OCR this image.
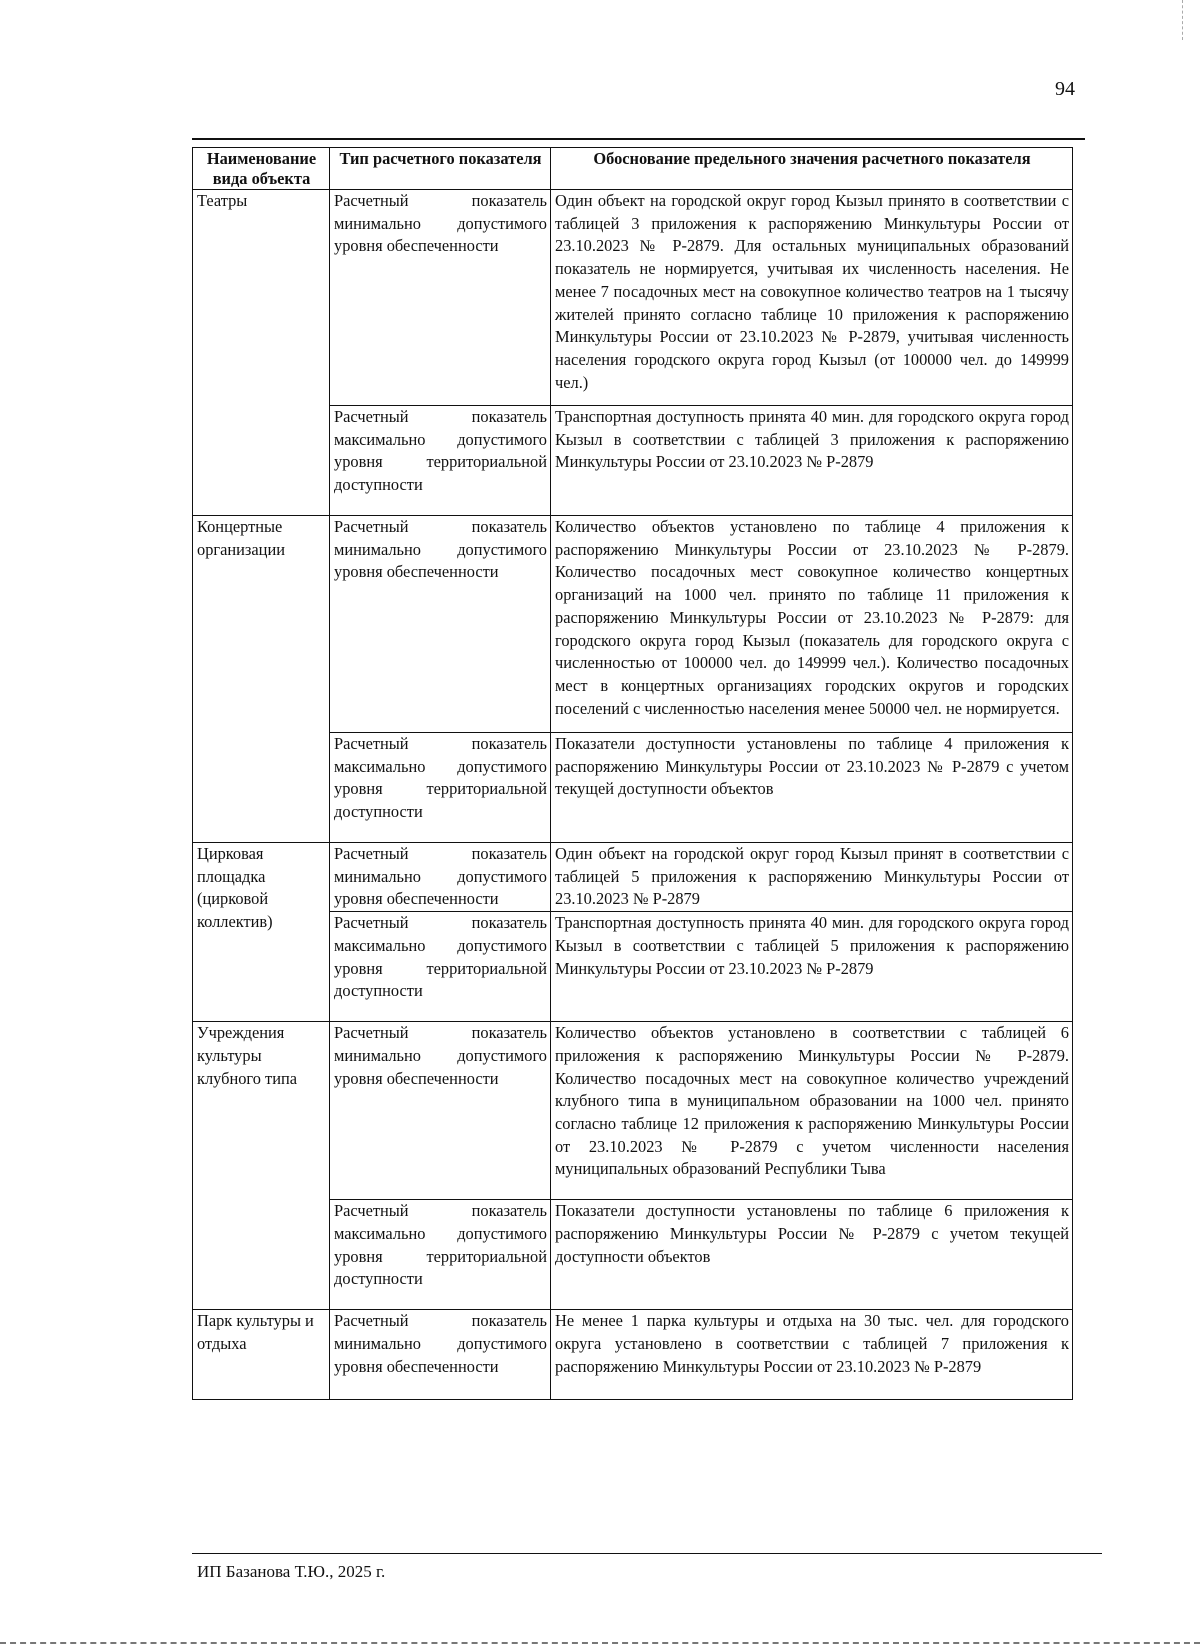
94
Наименование вида объекта	Тип расчетного показателя	Обоснование предельного значения расчетного показателя
Театры	Расчетный показатель минимально допустимого уровня обеспеченности	Один объект на городской округ город Кызыл принято в соответствии с таблицей 3 приложения к распоряжению Минкультуры России от 23.10.2023 № Р-2879. Для остальных муниципальных образований показатель не нормируется, учитывая их численность населения. Не менее 7 посадочных мест на совокупное количество театров на 1 тысячу жителей принято согласно таблице 10 приложения к распоряжению Минкультуры России от 23.10.2023 № Р-2879, учитывая численность населения городского округа город Кызыл (от 100000 чел. до 149999 чел.)
	Расчетный показатель максимально допустимого уровня территориальной доступности	Транспортная доступность принята 40 мин. для городского округа город Кызыл в соответствии с таблицей 3 приложения к распоряжению Минкультуры России от 23.10.2023 № Р-2879
Концертные организации	Расчетный показатель минимально допустимого уровня обеспеченности	Количество объектов установлено по таблице 4 приложения к распоряжению Минкультуры России от 23.10.2023 № Р-2879. Количество посадочных мест совокупное количество концертных организаций на 1000 чел. принято по таблице 11 приложения к распоряжению Минкультуры России от 23.10.2023 № Р-2879: для городского округа город Кызыл (показатель для городского округа с численностью от 100000 чел. до 149999 чел.). Количество посадочных мест в концертных организациях городских округов и городских поселений с численностью населения менее 50000 чел. не нормируется.
	Расчетный показатель максимально допустимого уровня территориальной доступности	Показатели доступности установлены по таблице 4 приложения к распоряжению Минкультуры России от 23.10.2023 № Р-2879 с учетом текущей доступности объектов
Цирковая площадка (цирковой коллектив)	Расчетный показатель минимально допустимого уровня обеспеченности	Один объект на городской округ город Кызыл принят в соответствии с таблицей 5 приложения к распоряжению Минкультуры России от 23.10.2023 № Р-2879
	Расчетный показатель максимально допустимого уровня территориальной доступности	Транспортная доступность принята 40 мин. для городского округа город Кызыл в соответствии с таблицей 5 приложения к распоряжению Минкультуры России от 23.10.2023 № Р-2879
Учреждения культуры клубного типа	Расчетный показатель минимально допустимого уровня обеспеченности	Количество объектов установлено в соответствии с таблицей 6 приложения к распоряжению Минкультуры России № Р-2879. Количество посадочных мест на совокупное количество учреждений клубного типа в муниципальном образовании на 1000 чел. принято согласно таблице 12 приложения к распоряжению Минкультуры России от 23.10.2023 № Р-2879 с учетом численности населения муниципальных образований Республики Тыва
	Расчетный показатель максимально допустимого уровня территориальной доступности	Показатели доступности установлены по таблице 6 приложения к распоряжению Минкультуры России № Р-2879 с учетом текущей доступности объектов
Парк культуры и отдыха	Расчетный показатель минимально допустимого уровня обеспеченности	Не менее 1 парка культуры и отдыха на 30 тыс. чел. для городского округа установлено в соответствии с таблицей 7 приложения к распоряжению Минкультуры России от 23.10.2023 № Р-2879
ИП Базанова Т.Ю., 2025 г.
